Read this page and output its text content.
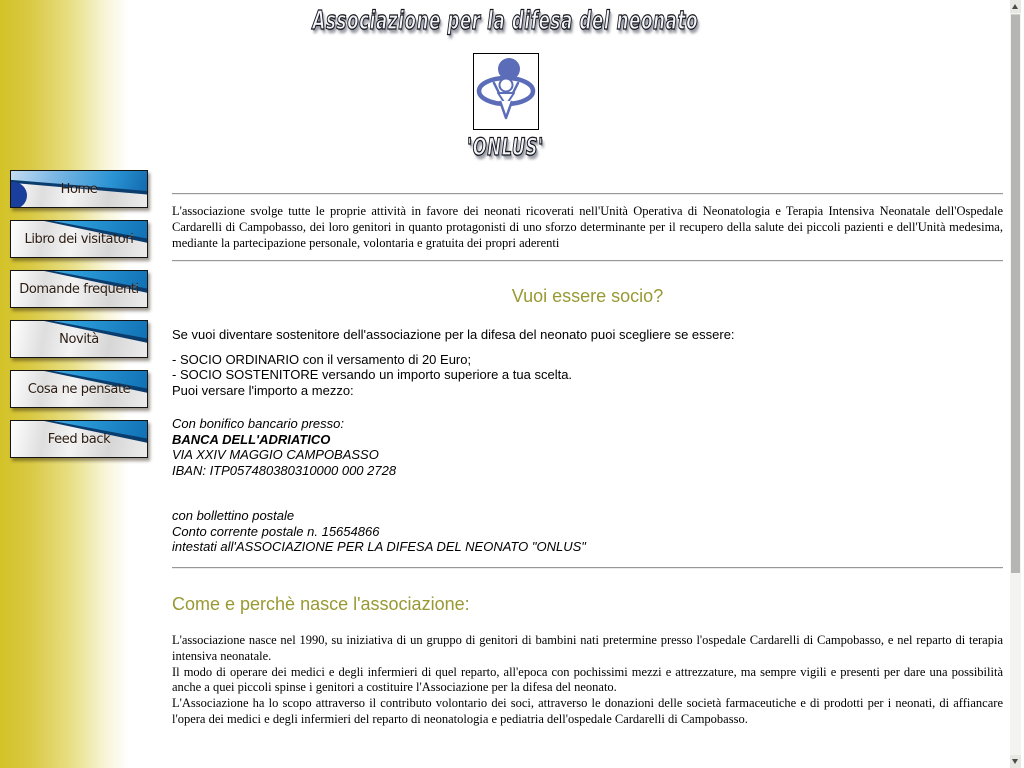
Associazione per la difesa del neonato
'ONLUS'
Home
Libro dei visitatori
Domande frequenti
Novità
Cosa ne pensate
Feed back

L'associazione svolge tutte le proprie attività in favore dei neonati ricoverati nell'Unità Operativa di Neonatologia e Terapia Intensiva Neonatale dell'Ospedale Cardarelli di Campobasso, dei loro genitori in quanto protagonisti di uno sforzo determinante per il recupero della salute dei piccoli pazienti e dell'Unità medesima, mediante la partecipazione personale, volontaria e gratuita dei propri aderenti

Vuoi essere socio?

Se vuoi diventare sostenitore dell'associazione per la difesa del neonato puoi scegliere se essere:

- SOCIO ORDINARIO con il versamento di 20 Euro;
- SOCIO SOSTENITORE versando un importo superiore a tua scelta.
Puoi versare l'importo a mezzo:
Con bonifico bancario presso:
BANCA DELL'ADRIATICO
VIA XXIV MAGGIO CAMPOBASSO
IBAN: ITP057480380310000 000 2728
con bollettino postale
Conto corrente postale n. 15654866
intestati all'ASSOCIAZIONE PER LA DIFESA DEL NEONATO "ONLUS"
Come e perchè nasce l'associazione:
L'associazione nasce nel 1990, su iniziativa di un gruppo di genitori di bambini nati pretermine presso l'ospedale Cardarelli di Campobasso, e nel reparto di terapia intensiva neonatale.
Il modo di operare dei medici e degli infermieri di quel reparto, all'epoca con pochissimi mezzi e attrezzature, ma sempre vigili e presenti per dare una possibilità anche a quei piccoli spinse i genitori a costituire l'Associazione per la difesa del neonato.
L'Associazione ha lo scopo attraverso il contributo volontario dei soci, attraverso le donazioni delle società farmaceutiche e di prodotti per i neonati, di affiancare l'opera dei medici e degli infermieri del reparto di neonatologia e pediatria dell'ospedale Cardarelli di Campobasso.
